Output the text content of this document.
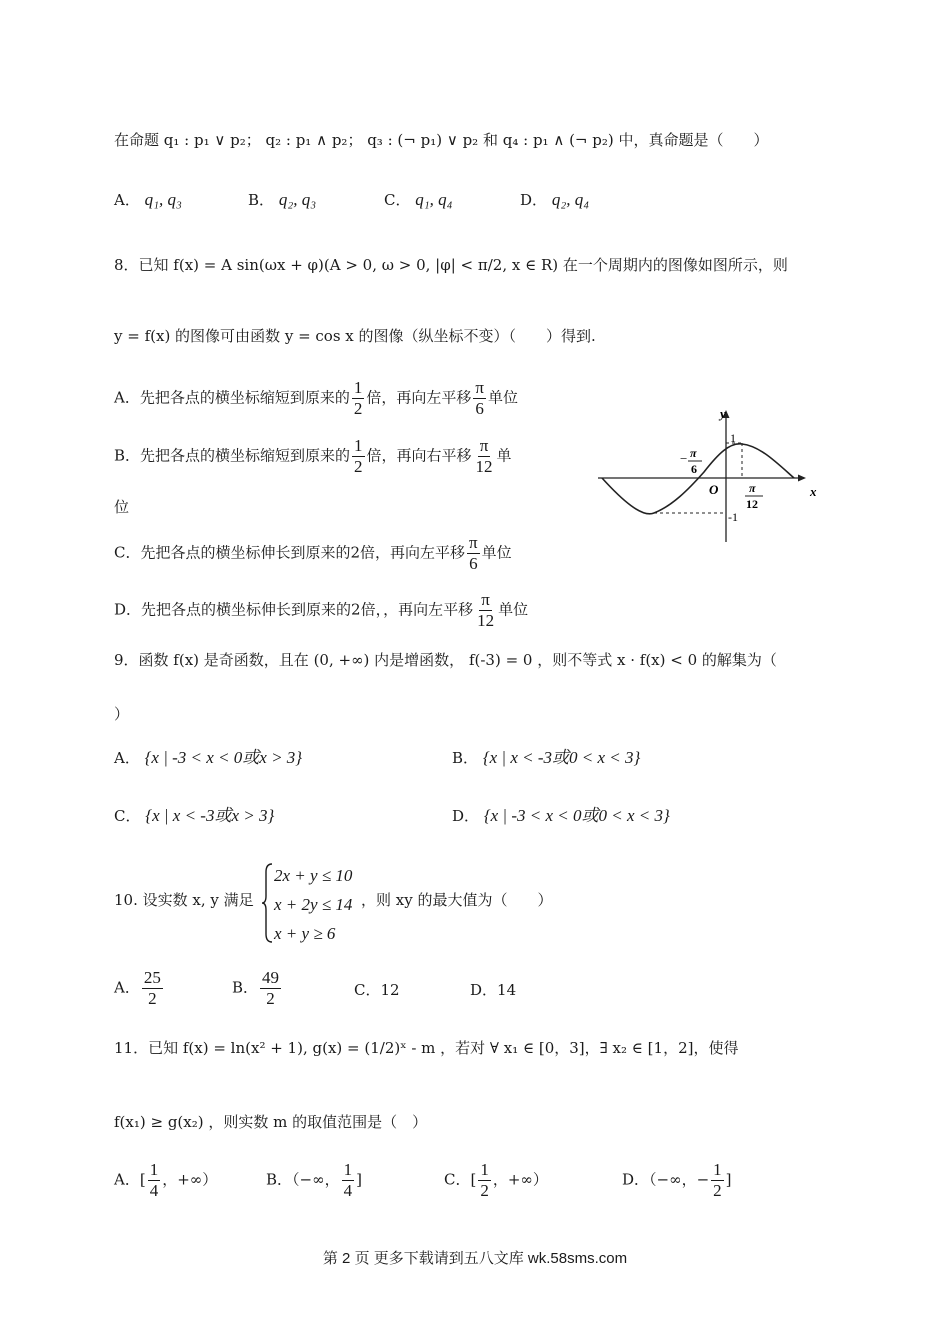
在命题 q₁ : p₁ ∨ p₂； q₂ : p₁ ∧ p₂； q₃ : (¬ p₁) ∨ p₂ 和 q₄ : p₁ ∧ (¬ p₂) 中，真命题是（　　）
A． q₁, q₃	B． q₂, q₃	C． q₁, q₄	D． q₂, q₄
8．已知 f(x) = A sin(ωx + φ)(A > 0, ω > 0, |φ| < π/2, x ∈ R) 在一个周期内的图像如图所示，则
y = f(x) 的图像可由函数 y = cos x 的图像（纵坐标不变）（　　）得到.
A．先把各点的横坐标缩短到原来的 $\frac{1}{2}$ 倍，再向左平移 $\frac{\pi}{6}$ 单位
B．先把各点的横坐标缩短到原来的 $\frac{1}{2}$ 倍，再向右平移 $\frac{\pi}{12}$ 单
位
C．先把各点的横坐标伸长到原来的2倍，再向左平移 $\frac{\pi}{6}$ 单位
D．先把各点的横坐标伸长到原来的2倍，，再向左平移 $\frac{\pi}{12}$ 单位
y
x
O
1
-1
− π
6
π
12
9．函数 f(x) 是奇函数，且在 (0, +∞) 内是增函数， f(-3) = 0 ，则不等式 x · f(x) < 0 的解集为（
）
A． {x | -3 < x < 0或x > 3}	B． {x | x < -3或0 < x < 3}
C． {x | x < -3或x > 3}	D． {x | -3 < x < 0或0 < x < 3}
10. 设实数 x, y 满足
2x + y ≤ 10
x + 2y ≤ 14
x + y ≥ 6
，则 xy 的最大值为（　　）
A． $\frac{25}{2}$	B． $\frac{49}{2}$	C．12	D．14
11．已知 f(x) = ln(x² + 1), g(x) = (1/2)ˣ - m ，若对 ∀ x₁ ∈ [0，3]，∃ x₂ ∈ [1，2]，使得
f(x₁) ≥ g(x₂) ，则实数 m 的取值范围是（　）
A．[ $\frac{1}{4}$ ，+∞）	B．（−∞， $\frac{1}{4}$ ]	C．[ $\frac{1}{2}$ ，+∞）	D．（−∞，− $\frac{1}{2}$ ]
第 2 页 更多下载请到五八文库 wk.58sms.com
